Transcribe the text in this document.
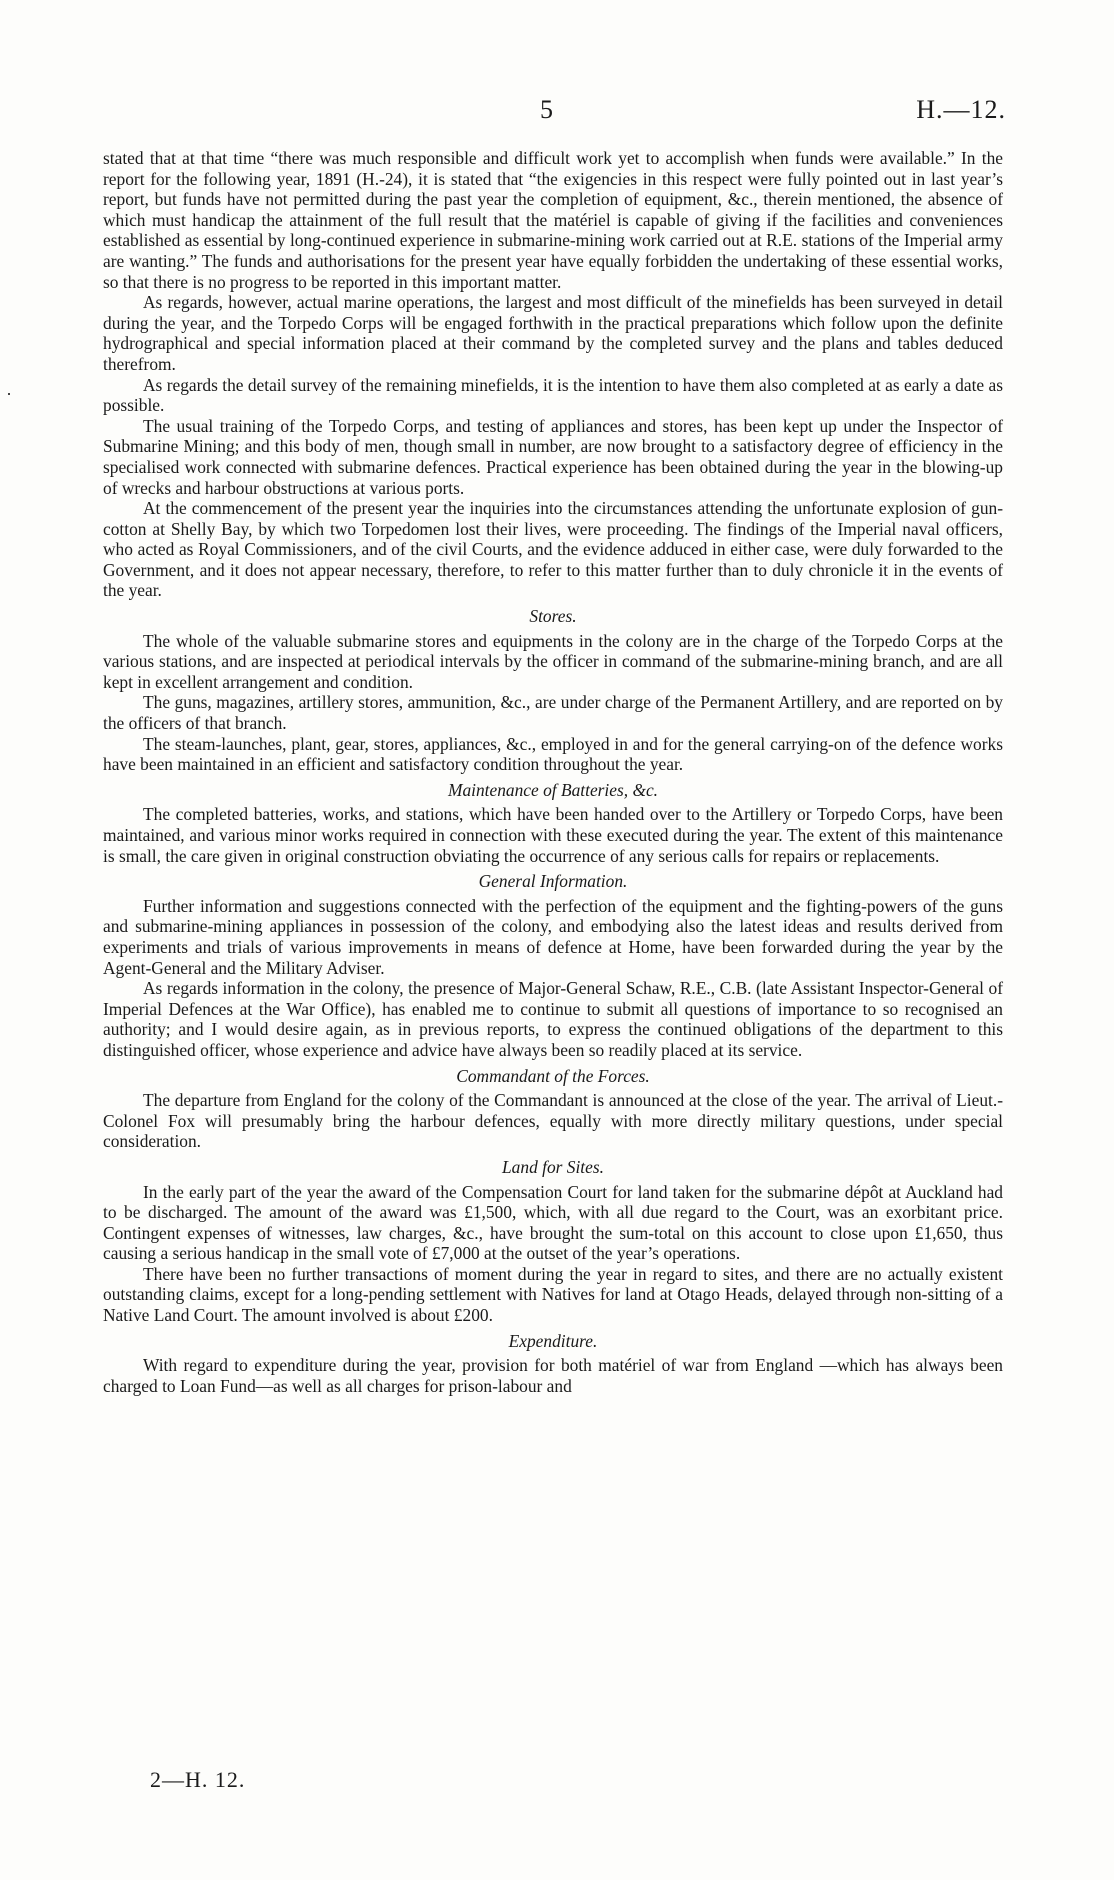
5	H.—12.

stated that at that time “there was much responsible and difficult work yet to accomplish when funds were available.” In the report for the following year, 1891 (H.-24), it is stated that “the exigencies in this respect were fully pointed out in last year’s report, but funds have not permitted during the past year the completion of equipment, &c., therein mentioned, the absence of which must handicap the attainment of the full result that the matériel is capable of giving if the facilities and conveniences established as essential by long-continued experience in submarine-mining work carried out at R.E. stations of the Imperial army are wanting.” The funds and authorisations for the present year have equally forbidden the undertaking of these essential works, so that there is no progress to be reported in this important matter.

As regards, however, actual marine operations, the largest and most difficult of the minefields has been surveyed in detail during the year, and the Torpedo Corps will be engaged forthwith in the practical preparations which follow upon the definite hydrographical and special information placed at their command by the completed survey and the plans and tables deduced therefrom.

As regards the detail survey of the remaining minefields, it is the intention to have them also completed at as early a date as possible.

The usual training of the Torpedo Corps, and testing of appliances and stores, has been kept up under the Inspector of Submarine Mining; and this body of men, though small in number, are now brought to a satisfactory degree of efficiency in the specialised work connected with submarine defences. Practical experience has been obtained during the year in the blowing-up of wrecks and harbour obstructions at various ports.

At the commencement of the present year the inquiries into the circumstances attending the unfortunate explosion of gun-cotton at Shelly Bay, by which two Torpedomen lost their lives, were proceeding. The findings of the Imperial naval officers, who acted as Royal Commissioners, and of the civil Courts, and the evidence adduced in either case, were duly forwarded to the Government, and it does not appear necessary, therefore, to refer to this matter further than to duly chronicle it in the events of the year.

Stores.

The whole of the valuable submarine stores and equipments in the colony are in the charge of the Torpedo Corps at the various stations, and are inspected at periodical intervals by the officer in command of the submarine-mining branch, and are all kept in excellent arrangement and condition.

The guns, magazines, artillery stores, ammunition, &c., are under charge of the Permanent Artillery, and are reported on by the officers of that branch.

The steam-launches, plant, gear, stores, appliances, &c., employed in and for the general carrying-on of the defence works have been maintained in an efficient and satisfactory condition throughout the year.

Maintenance of Batteries, &c.

The completed batteries, works, and stations, which have been handed over to the Artillery or Torpedo Corps, have been maintained, and various minor works required in connection with these executed during the year. The extent of this maintenance is small, the care given in original construction obviating the occurrence of any serious calls for repairs or replacements.

General Information.

Further information and suggestions connected with the perfection of the equipment and the fighting-powers of the guns and submarine-mining appliances in possession of the colony, and embodying also the latest ideas and results derived from experiments and trials of various improvements in means of defence at Home, have been forwarded during the year by the Agent-General and the Military Adviser.

As regards information in the colony, the presence of Major-General Schaw, R.E., C.B. (late Assistant Inspector-General of Imperial Defences at the War Office), has enabled me to continue to submit all questions of importance to so recognised an authority; and I would desire again, as in previous reports, to express the continued obligations of the department to this distinguished officer, whose experience and advice have always been so readily placed at its service.

Commandant of the Forces.

The departure from England for the colony of the Commandant is announced at the close of the year. The arrival of Lieut.-Colonel Fox will presumably bring the harbour defences, equally with more directly military questions, under special consideration.

Land for Sites.

In the early part of the year the award of the Compensation Court for land taken for the submarine dépôt at Auckland had to be discharged. The amount of the award was £1,500, which, with all due regard to the Court, was an exorbitant price. Contingent expenses of witnesses, law charges, &c., have brought the sum-total on this account to close upon £1,650, thus causing a serious handicap in the small vote of £7,000 at the outset of the year’s operations.

There have been no further transactions of moment during the year in regard to sites, and there are no actually existent outstanding claims, except for a long-pending settlement with Natives for land at Otago Heads, delayed through non-sitting of a Native Land Court. The amount involved is about £200.

Expenditure.

With regard to expenditure during the year, provision for both matériel of war from England —which has always been charged to Loan Fund—as well as all charges for prison-labour and

2—H. 12.
